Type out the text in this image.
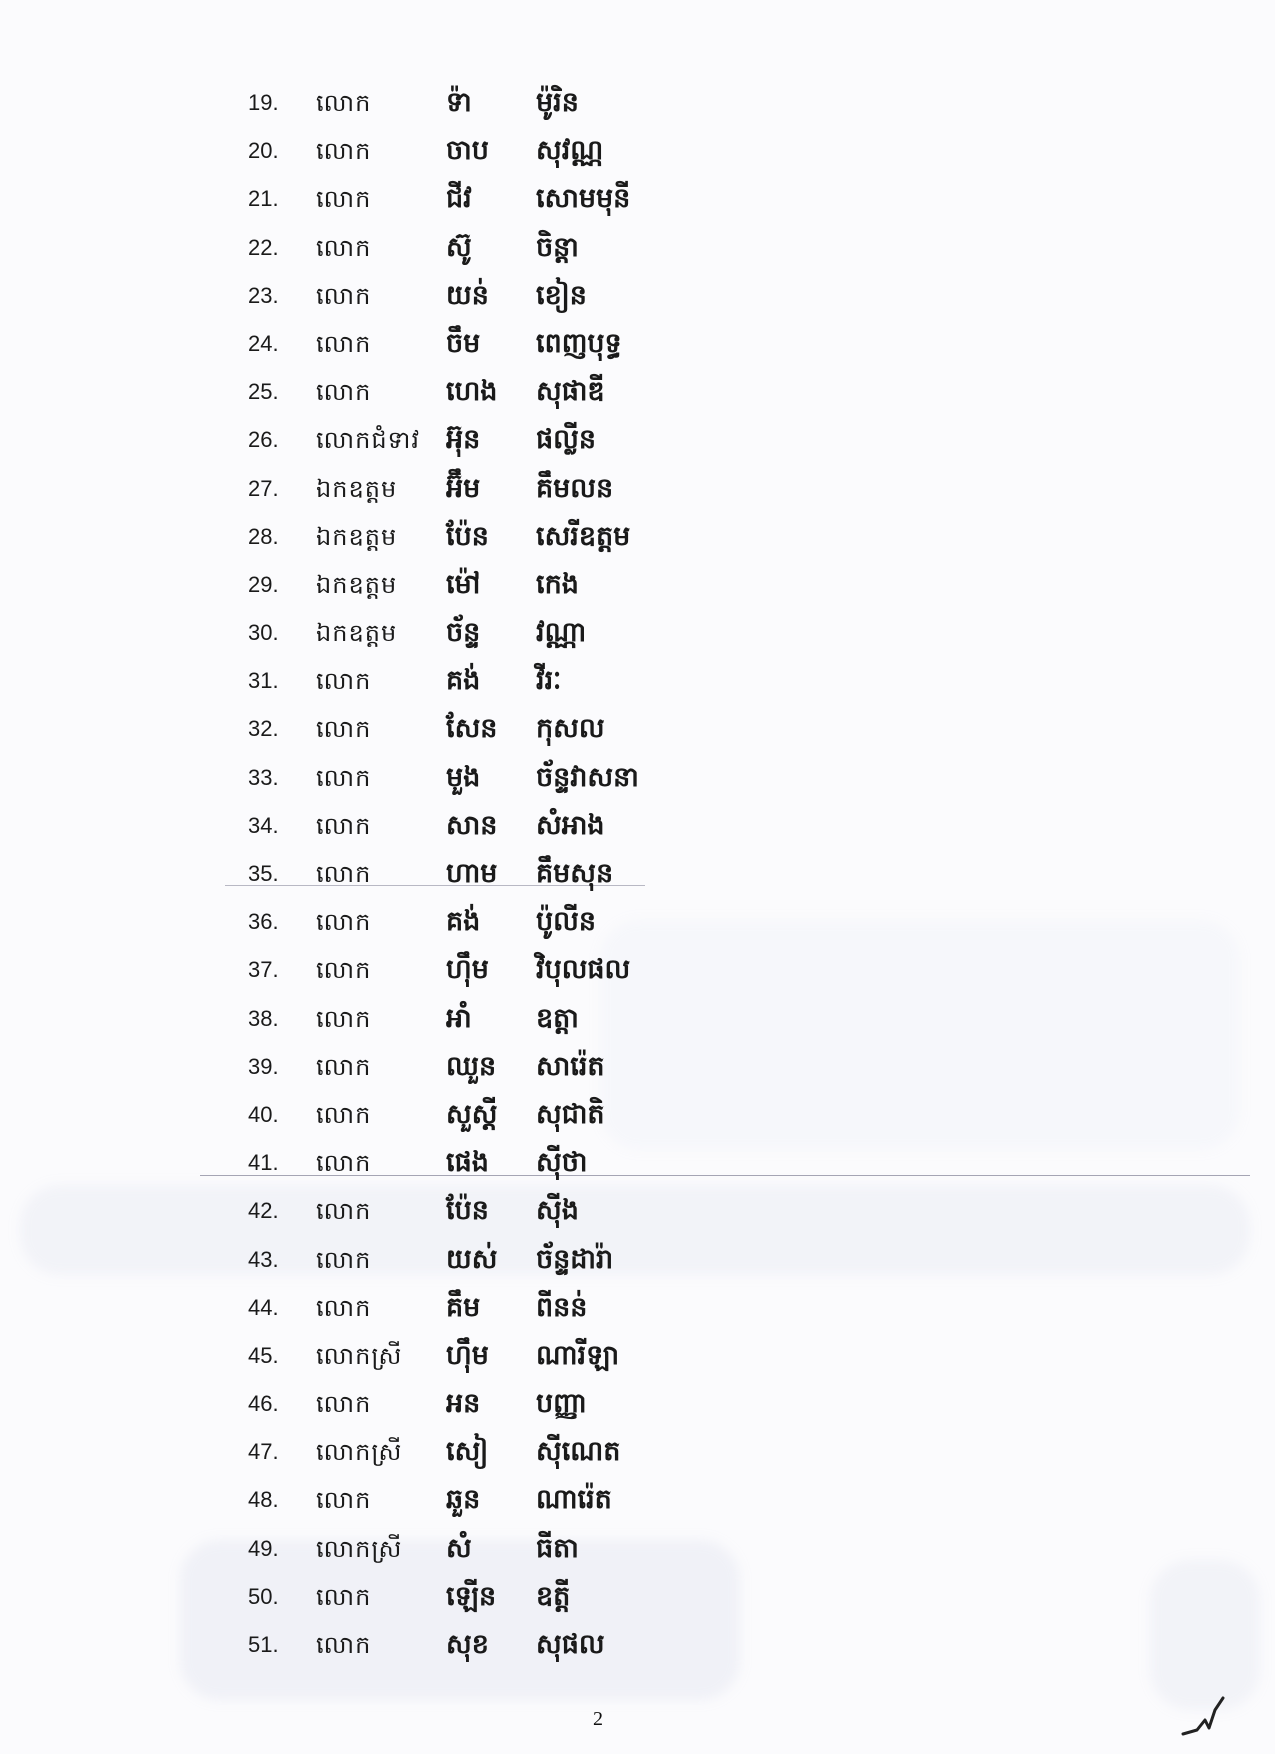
19.	លោក	ទ៉ា ម៉ូរិន
20.	លោក	ចាប សុវណ្ណ
21.	លោក	ជីវ សោមមុនី
22.	លោក	ស៊ូ ចិន្តា
23.	លោក	យន់ ខៀន
24.	លោក	ចឹម ពេញបុទ្ធ
25.	លោក	ហេង សុផាឌី
26.	លោកជំទាវ អ៊ុន ផល្លីន
27.	ឯកឧត្តម អ៊ឹម គឹមលន
28.	ឯកឧត្តម ប៉ែន សេរីឧត្តម
29.	ឯកឧត្តម ម៉ៅ កេង
30.	ឯកឧត្តម ច័ន្ទ វណ្ណា
31.	លោក	គង់ វីរៈ
32.	លោក	សែន កុសល
33.	លោក	មួង ច័ន្ទវាសនា
34.	លោក	សាន សំអាង
35.	លោក	ហាម គឹមសុន
36.	លោក	គង់ ប៉ូលីន
37.	លោក	ហ៊ឹម វិបុលផល
38.	លោក	អាំ ឧត្តា
39.	លោក	ឈួន សារ៉េត
40.	លោក	សួស្តី សុជាតិ
41.	លោក	ផេង ស៊ីថា
42.	លោក	ប៉ែន ស៊ីង
43.	លោក	យស់ ច័ន្ទដារ៉ា
44.	លោក	គឹម ពីនន់
45.	លោកស្រី ហ៊ឹម ណារីឡា
46.	លោក	អន បញ្ញា
47.	លោកស្រី សៀ ស៊ីណេត
48.	លោក	ឆួន ណារ៉េត
49.	លោកស្រី សំ ធីតា
50.	លោក	ឡើន ឧត្ដី
51.	លោក	សុខ សុផល
2
